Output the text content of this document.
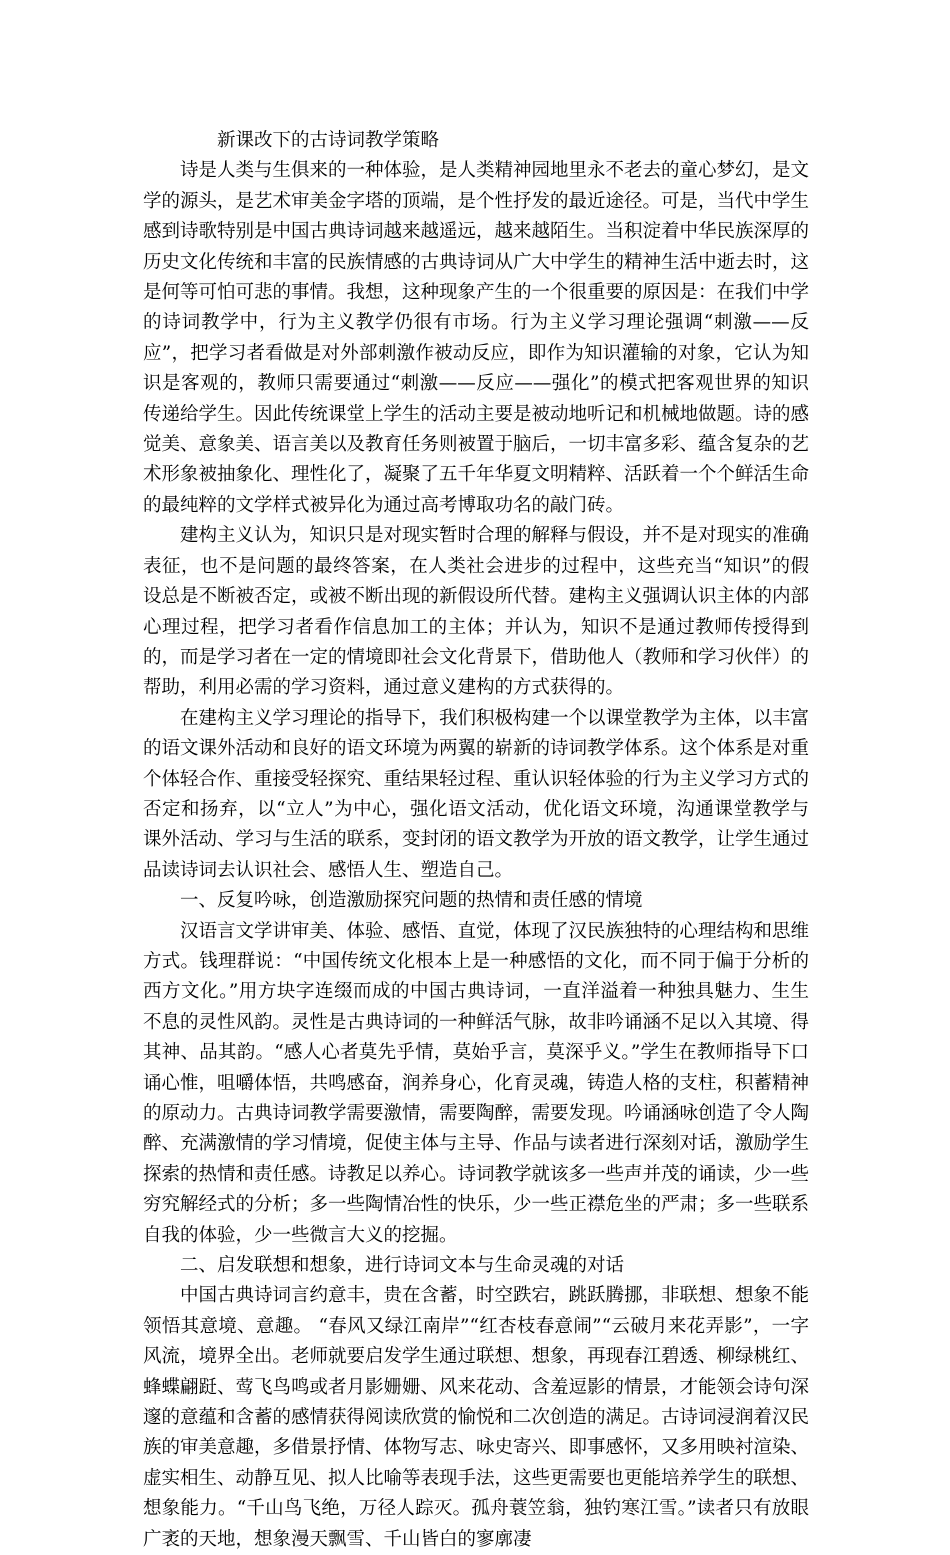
新课改下的古诗词教学策略

诗是人类与生俱来的一种体验，是人类精神园地里永不老去的童心梦幻，是文学的源头，是艺术审美金字塔的顶端，是个性抒发的最近途径。可是，当代中学生感到诗歌特别是中国古典诗词越来越遥远，越来越陌生。当积淀着中华民族深厚的历史文化传统和丰富的民族情感的古典诗词从广大中学生的精神生活中逝去时，这是何等可怕可悲的事情。我想，这种现象产生的一个很重要的原因是：在我们中学的诗词教学中，行为主义教学仍很有市场。行为主义学习理论强调“刺激——反应”，把学习者看做是对外部刺激作被动反应，即作为知识灌输的对象，它认为知识是客观的，教师只需要通过“刺激——反应——强化”的模式把客观世界的知识传递给学生。因此传统课堂上学生的活动主要是被动地听记和机械地做题。诗的感觉美、意象美、语言美以及教育任务则被置于脑后，一切丰富多彩、蕴含复杂的艺术形象被抽象化、理性化了，凝聚了五千年华夏文明精粹、活跃着一个个鲜活生命的最纯粹的文学样式被异化为通过高考博取功名的敲门砖。

建构主义认为，知识只是对现实暂时合理的解释与假设，并不是对现实的准确表征，也不是问题的最终答案，在人类社会进步的过程中，这些充当“知识”的假设总是不断被否定，或被不断出现的新假设所代替。建构主义强调认识主体的内部心理过程，把学习者看作信息加工的主体；并认为，知识不是通过教师传授得到的，而是学习者在一定的情境即社会文化背景下，借助他人（教师和学习伙伴）的帮助，利用必需的学习资料，通过意义建构的方式获得的。

在建构主义学习理论的指导下，我们积极构建一个以课堂教学为主体，以丰富的语文课外活动和良好的语文环境为两翼的崭新的诗词教学体系。这个体系是对重个体轻合作、重接受轻探究、重结果轻过程、重认识轻体验的行为主义学习方式的否定和扬弃，以“立人”为中心，强化语文活动，优化语文环境，沟通课堂教学与课外活动、学习与生活的联系，变封闭的语文教学为开放的语文教学，让学生通过品读诗词去认识社会、感悟人生、塑造自己。

一、反复吟咏，创造激励探究问题的热情和责任感的情境

汉语言文学讲审美、体验、感悟、直觉，体现了汉民族独特的心理结构和思维方式。钱理群说：“中国传统文化根本上是一种感悟的文化，而不同于偏于分析的西方文化。”用方块字连缀而成的中国古典诗词，一直洋溢着一种独具魅力、生生不息的灵性风韵。灵性是古典诗词的一种鲜活气脉，故非吟诵涵不足以入其境、得其神、品其韵。“感人心者莫先乎情，莫始乎言，莫深乎义。”学生在教师指导下口诵心惟，咀嚼体悟，共鸣感奋，润养身心，化育灵魂，铸造人格的支柱，积蓄精神的原动力。古典诗词教学需要激情，需要陶醉，需要发现。吟诵涵咏创造了令人陶醉、充满激情的学习情境，促使主体与主导、作品与读者进行深刻对话，激励学生探索的热情和责任感。诗教足以养心。诗词教学就该多一些声并茂的诵读，少一些穷究解经式的分析；多一些陶情冶性的快乐，少一些正襟危坐的严肃；多一些联系自我的体验，少一些微言大义的挖掘。

二、启发联想和想象，进行诗词文本与生命灵魂的对话

中国古典诗词言约意丰，贵在含蓄，时空跌宕，跳跃腾挪，非联想、想象不能领悟其意境、意趣。 “春风又绿江南岸”“红杏枝春意闹”“云破月来花弄影”，一字风流，境界全出。老师就要启发学生通过联想、想象，再现春江碧透、柳绿桃红、蜂蝶翩跹、莺飞鸟鸣或者月影姗姗、风来花动、含羞逗影的情景，才能领会诗句深邃的意蕴和含蓄的感情获得阅读欣赏的愉悦和二次创造的满足。古诗词浸润着汉民族的审美意趣，多借景抒情、体物写志、咏史寄兴、即事感怀，又多用映衬渲染、虚实相生、动静互见、拟人比喻等表现手法，这些更需要也更能培养学生的联想、想象能力。“千山鸟飞绝，万径人踪灭。孤舟蓑笠翁，独钓寒江雪。”读者只有放眼广袤的天地，想象漫天飘雪、千山皆白的寥廓凄
